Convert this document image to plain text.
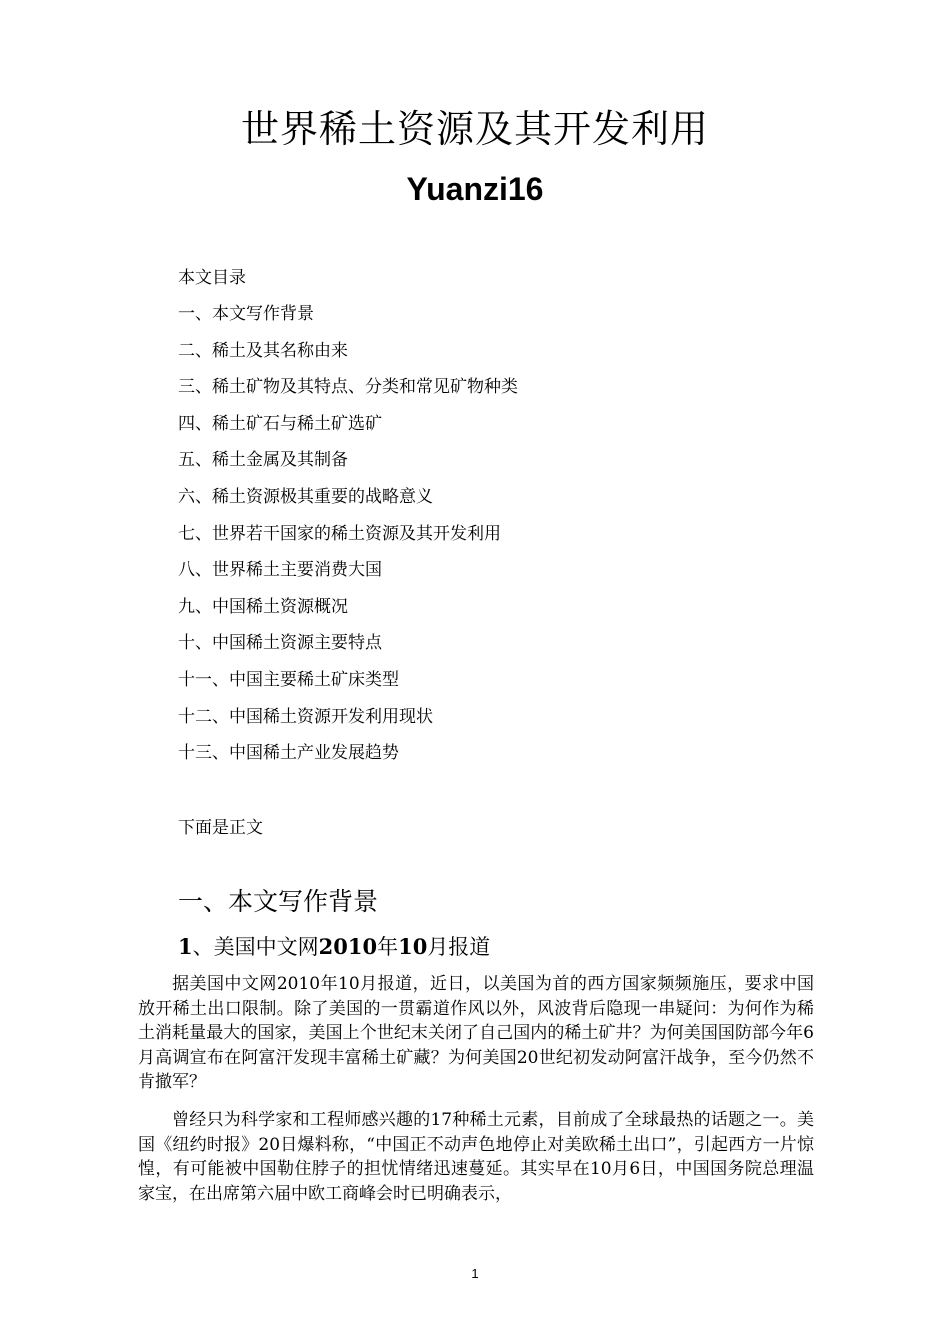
世界稀土资源及其开发利用
Yuanzi16
本文目录
一、本文写作背景
二、稀土及其名称由来
三、稀土矿物及其特点、分类和常见矿物种类
四、稀土矿石与稀土矿选矿
五、稀土金属及其制备
六、稀土资源极其重要的战略意义
七、世界若干国家的稀土资源及其开发利用
八、世界稀土主要消费大国
九、中国稀土资源概况
十、中国稀土资源主要特点
十一、中国主要稀土矿床类型
十二、中国稀土资源开发利用现状
十三、中国稀土产业发展趋势
下面是正文
一、本文写作背景
1、美国中文网2010年10月报道

据美国中文网2010年10月报道，近日，以美国为首的西方国家频频施压，要求中国放开稀土出口限制。除了美国的一贯霸道作风以外，风波背后隐现一串疑问：为何作为稀土消耗量最大的国家，美国上个世纪末关闭了自己国内的稀土矿井？为何美国国防部今年6月高调宣布在阿富汗发现丰富稀土矿藏？为何美国20世纪初发动阿富汗战争，至今仍然不肯撤军？

曾经只为科学家和工程师感兴趣的17种稀土元素，目前成了全球最热的话题之一。美国《纽约时报》20日爆料称，“中国正不动声色地停止对美欧稀土出口”，引起西方一片惊惶，有可能被中国勒住脖子的担忧情绪迅速蔓延。其实早在10月6日，中国国务院总理温家宝，在出席第六届中欧工商峰会时已明确表示，

1
